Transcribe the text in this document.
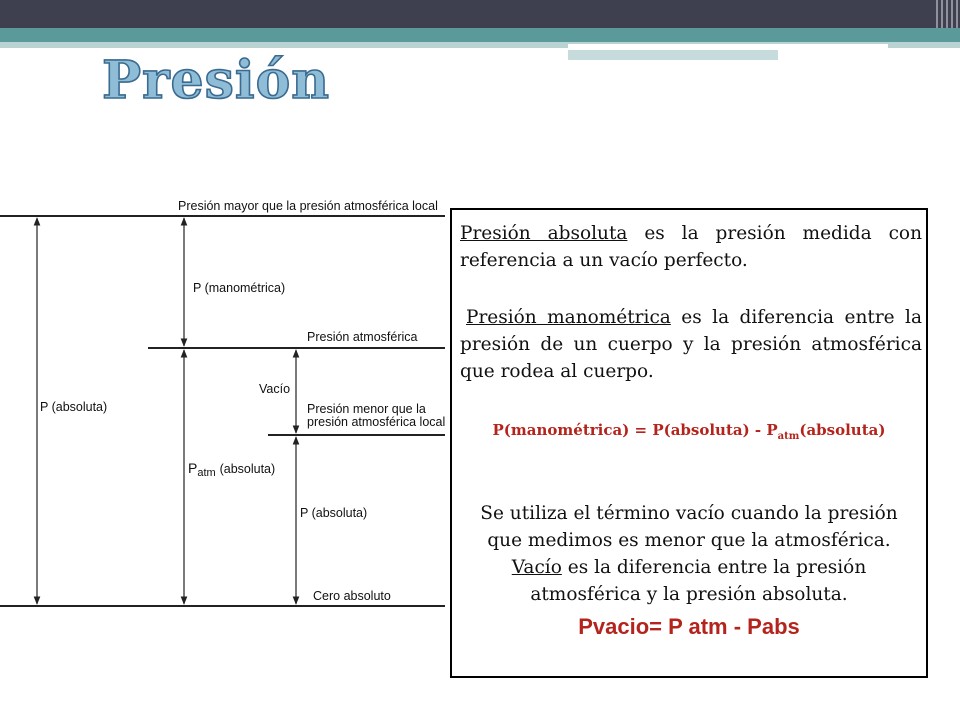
Presión
Presión mayor que la presión atmosférica local
P (manométrica)
Presión atmosférica
Vacío
Presión menor que la
presión atmosférica local
P (absoluta)
$P_{atm}$ (absoluta)
P (absoluta)
Cero absoluto

Presión absoluta es la presión medida con referencia a un vacío perfecto.

Presión manométrica es la diferencia entre la presión de un cuerpo y la presión atmosférica que rodea al cuerpo.

P(manométrica) = P(absoluta) - $P_{atm}(absoluta)$

Se utiliza el término vacío cuando la presión que medimos es menor que la atmosférica. Vacío es la diferencia entre la presión atmosférica y la presión absoluta.

Pvacio= P atm - Pabs
